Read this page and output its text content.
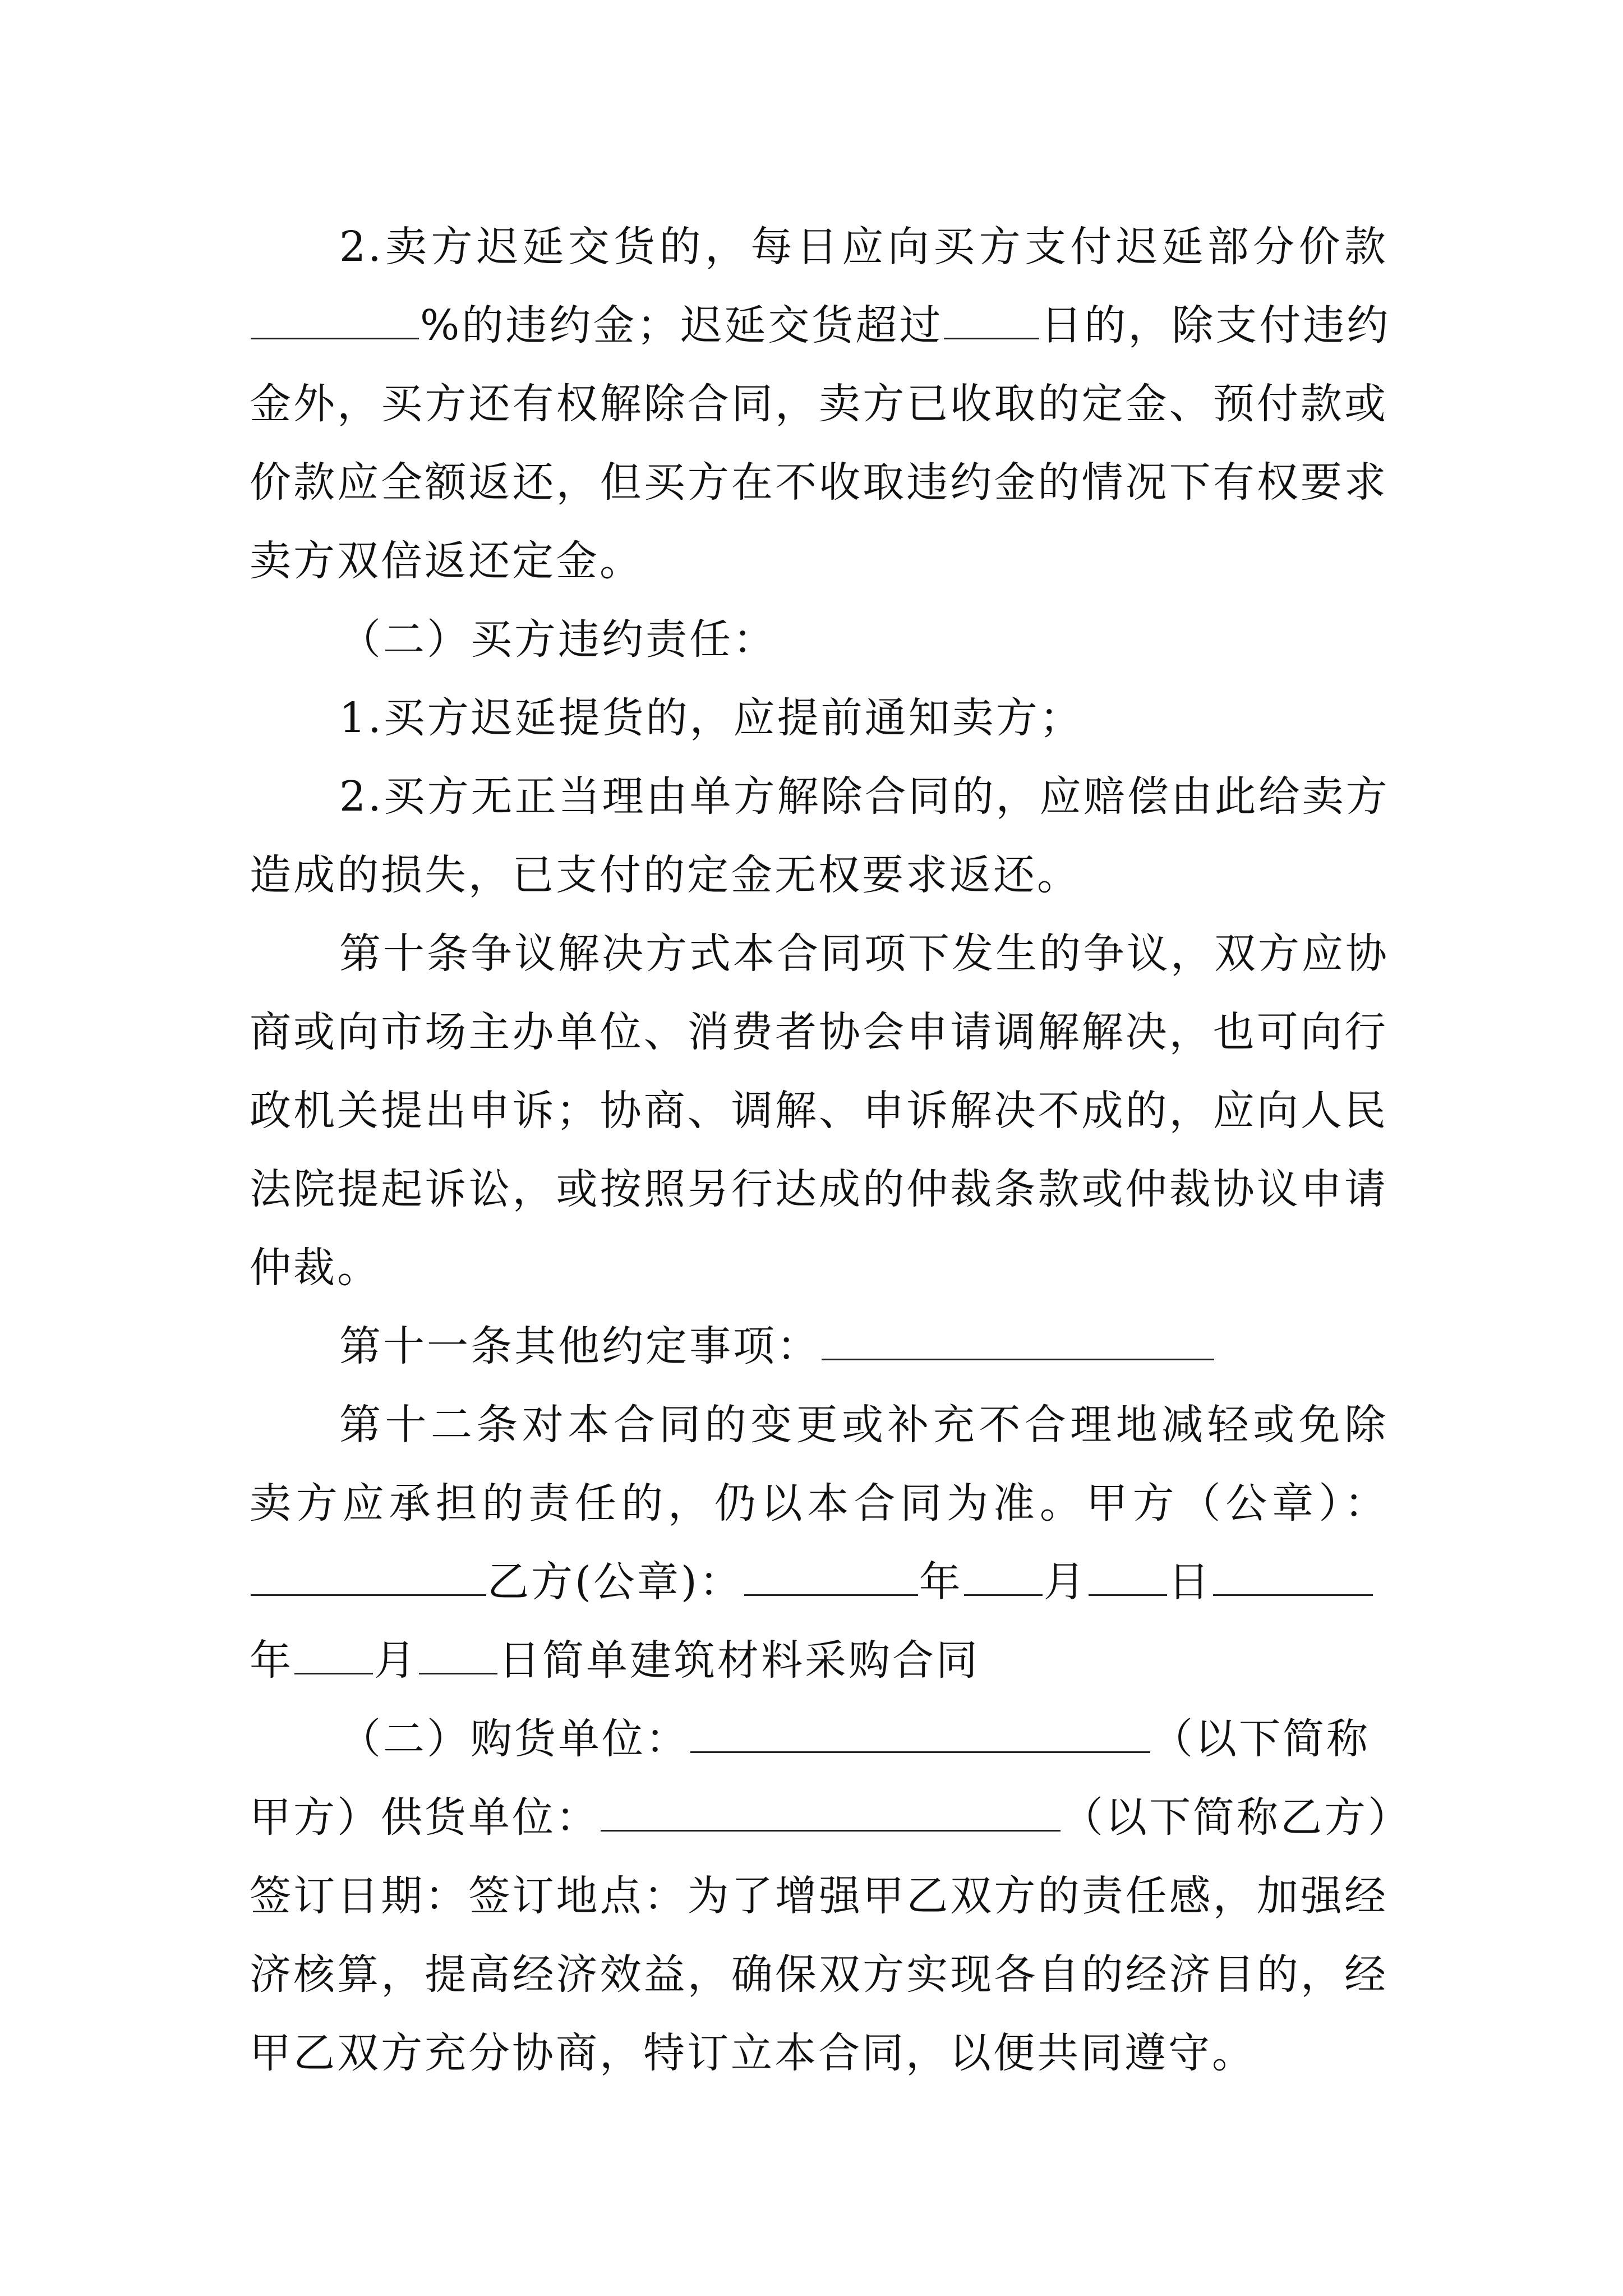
2.卖方迟延交货的，每日应向买方支付迟延部分价款
%的违约金；迟延交货超过 日的，除支付违约
金外，买方还有权解除合同，卖方已收取的定金、预付款或
价款应全额返还，但买方在不收取违约金的情况下有权要求
卖方双倍返还定金。
（二）买方违约责任：
1.买方迟延提货的，应提前通知卖方；
2.买方无正当理由单方解除合同的，应赔偿由此给卖方
造成的损失，已支付的定金无权要求返还。
第十条争议解决方式本合同项下发生的争议，双方应协
商或向市场主办单位、消费者协会申请调解解决，也可向行
政机关提出申诉；协商、调解、申诉解决不成的，应向人民
法院提起诉讼，或按照另行达成的仲裁条款或仲裁协议申请
仲裁。
第十一条其他约定事项：
第十二条对本合同的变更或补充不合理地减轻或免除
卖方应承担的责任的，仍以本合同为准。甲方（公章）：
乙方(公章)：	年 月 日
年 月 日简单建筑材料采购合同
（二）购货单位：	（以下简称
甲方）供货单位：	（以下简称乙方）
签订日期：签订地点：为了增强甲乙双方的责任感，加强经
济核算，提高经济效益，确保双方实现各自的经济目的，经
甲乙双方充分协商，特订立本合同，以便共同遵守。
